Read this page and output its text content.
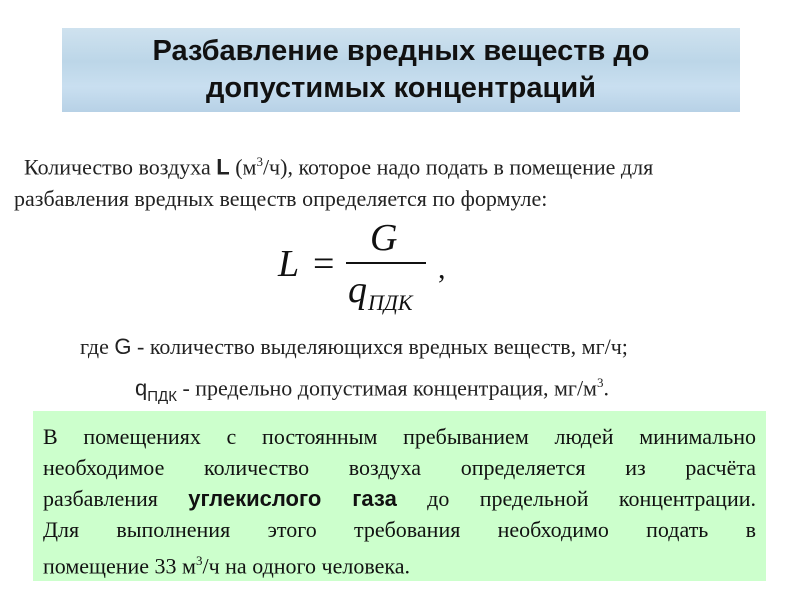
Разбавление вредных веществ до
допустимых концентраций
Количество воздуха L $(м^3/ч)$, которое надо подать в помещение для
разбавления вредных веществ определяется по формуле:
L =
G
$q_{ПДК}$
,
где G - количество выделяющихся вредных веществ, мг/ч;
$q_{ПДК}$ - предельно допустимая концентрация, $мг/м^3$.
В помещениях с постоянным пребыванием людей минимально
необходимое количество воздуха определяется из расчёта
разбавления углекислого газа до предельной концентрации.
Для выполнения этого требования необходимо подать в
помещение 33 $м^3/ч$ на одного человека.
